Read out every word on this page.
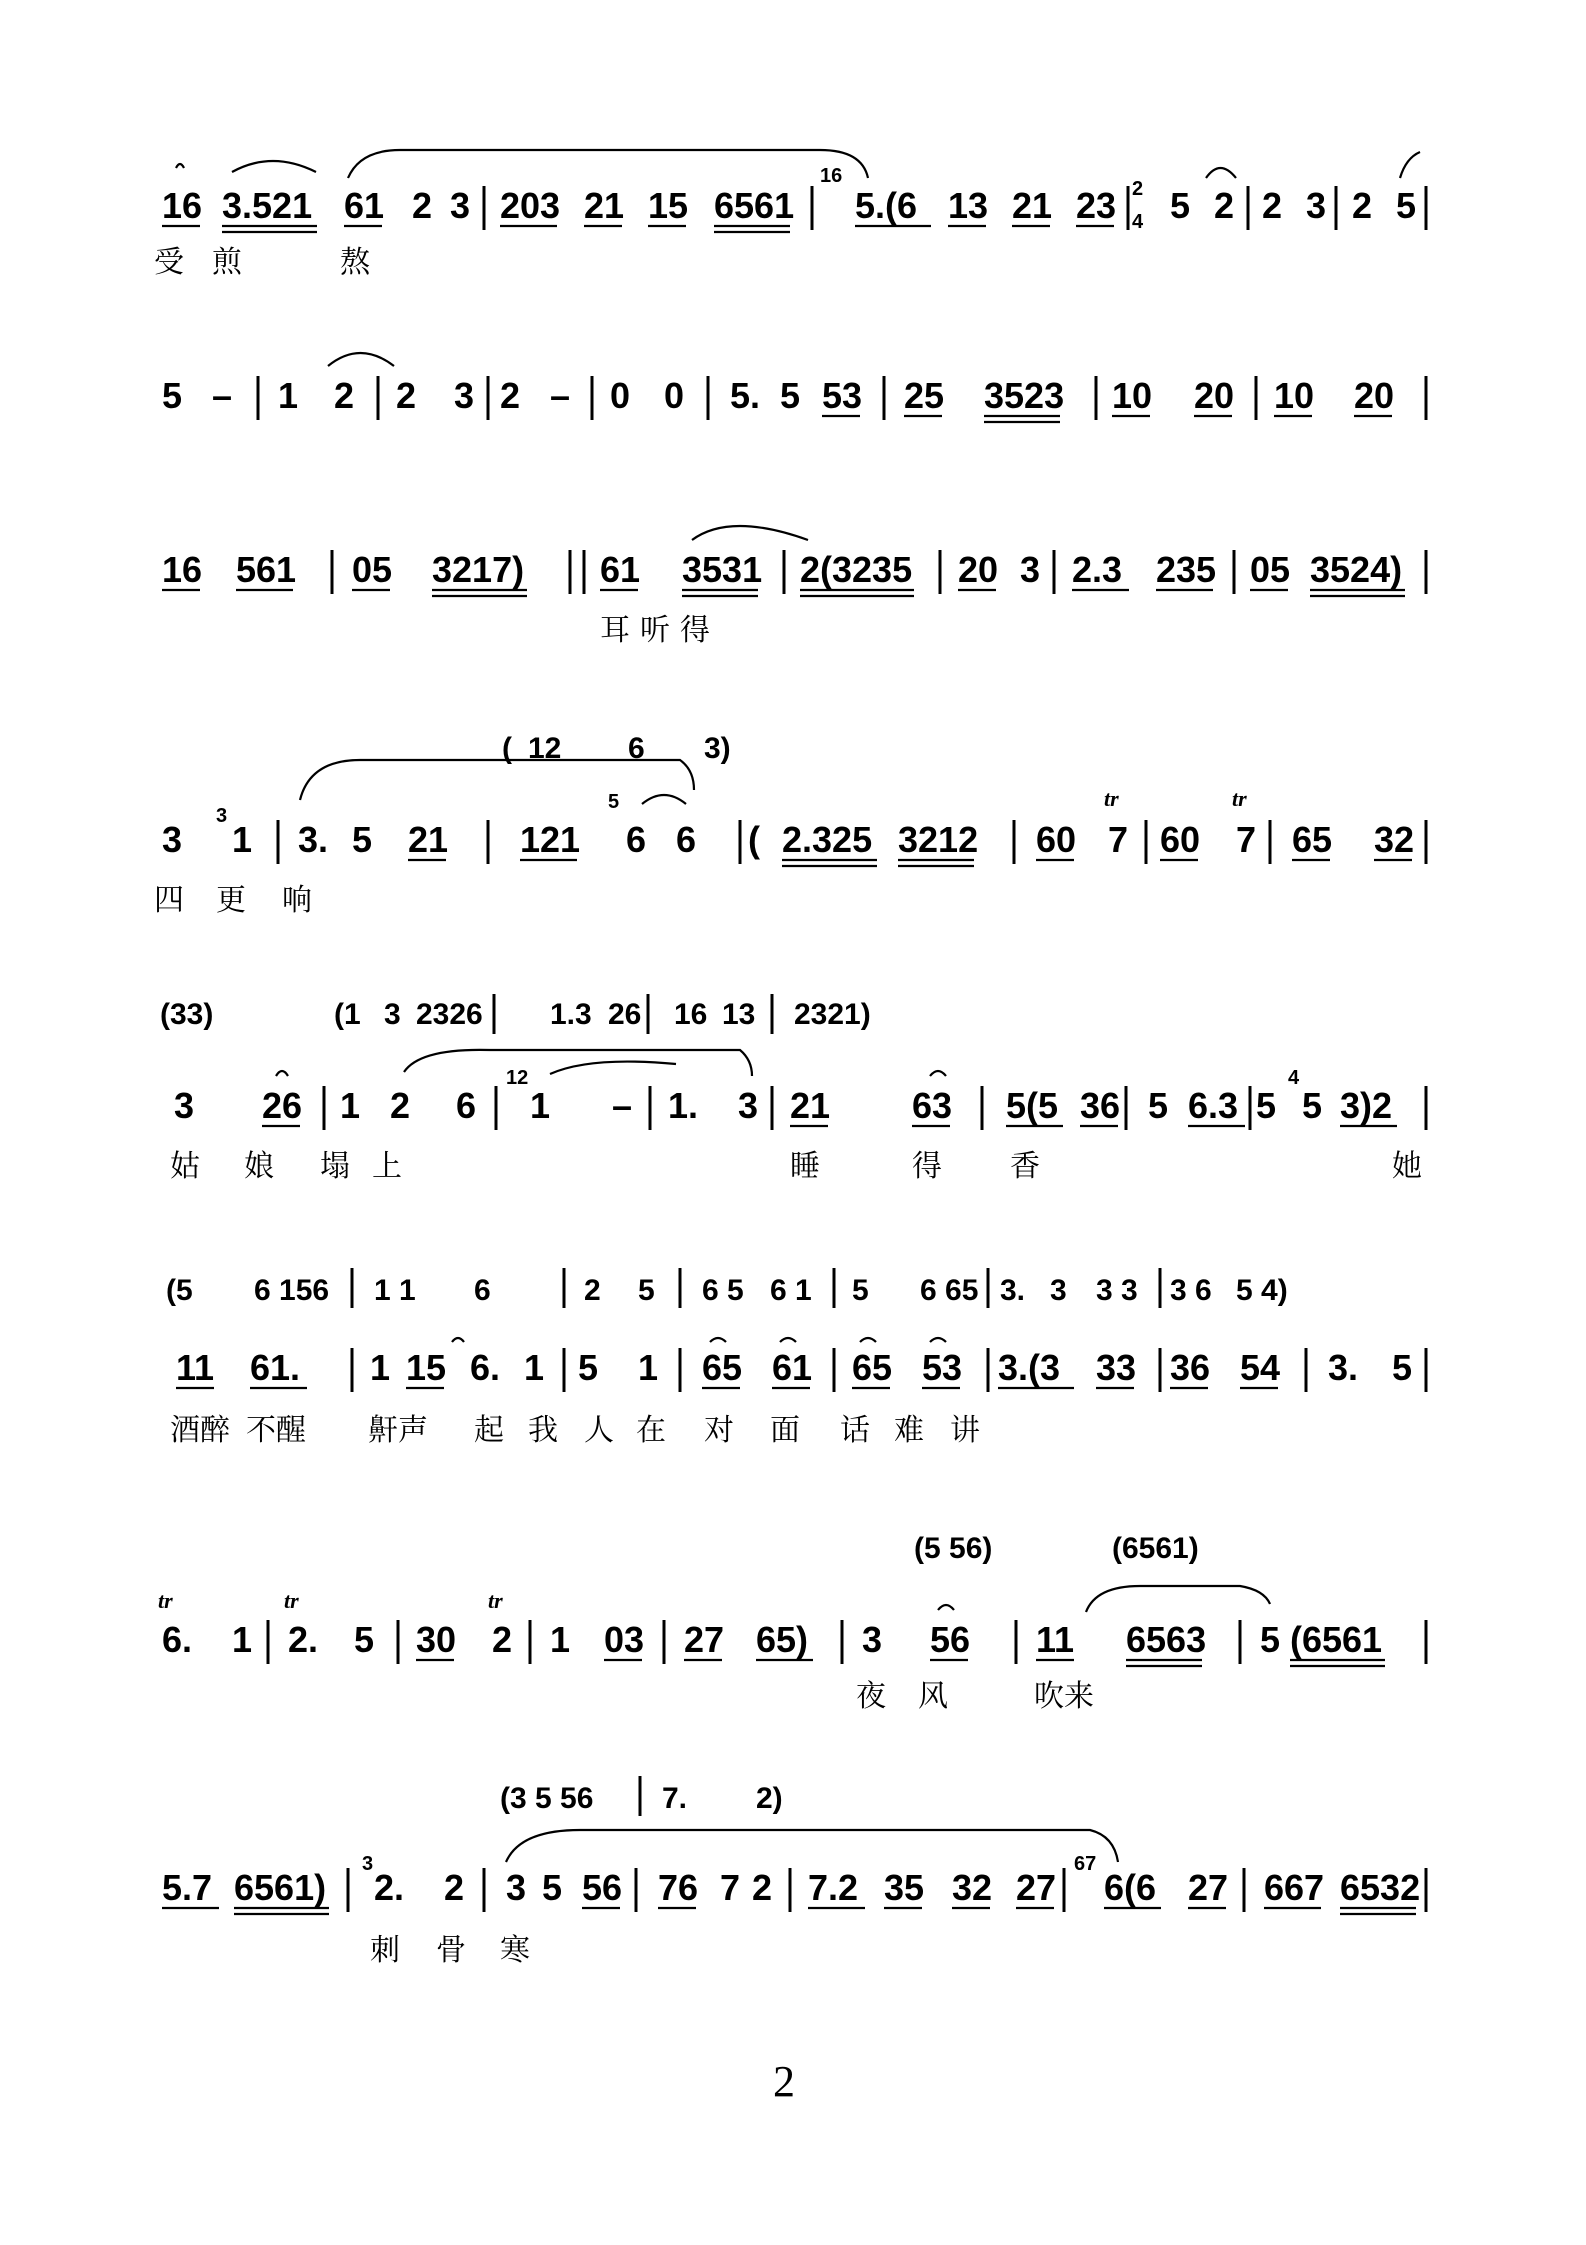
16 3.521 61 2 3 203 21 15 6561 5.(6 13 21 23 5 2 2 3 2 5
5 – 1 2 2 3 2 – 0 0 5. 5 53 25 3523 10 20 10 20
16 561 05 3217) 61 3531 2(3235 20 3 2.3 235 05 3524)
3 1 3. 5 21 121 6 6 ( 2.325 3212 60 7 60 7 65 32
3 26 1 2 6 1 – 1. 3 21 63 5(5 36 5 6.3 5 5 3)2
11 61. 1 15 6. 1 5 1 65 61 65 53 3.(3 33 36 54 3. 5
6. 1 2. 5 30 2 1 03 27 65) 3 56 11 6563 5 (6561
5.7 6561) 2. 2 3 5 56 76 7 2 7.2 35 32 27 6(6 27 667 6532
( 12 6 3)
(33)	(1 3 2326 1.3 26 16 13 2321)
(5 6 156 1 1 6	2 5 6 5 6 1 5 6 65 3. 3 3 3 3 6 5 4)
(5 56)	(6561)
(3 5 56 7. 2)
16
2
4
3
5
12	4
3	67
受 煎	熬
耳 听 得
四 更 响
姑 娘 塌 上	睡	得 香	她
酒醉 不醒 鼾声 起 我 人 在 对 面 话 难 讲
夜 风	吹来
刺 骨 寒
tr	tr
tr	tr	tr
2
